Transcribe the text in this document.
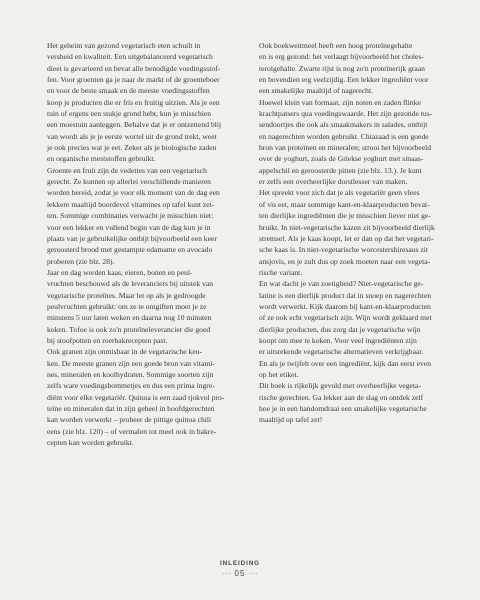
Het geheim van gezond vegetarisch eten schuilt in
versheid en kwaliteit. Een uitgebalanceerd vegetarisch
dieet is gevarieerd en bevat alle benodigde voedingsstof-
fen. Voor groenten ga je naar de markt of de groenteboer
en voor de beste smaak en de meeste voedingsstoffen
koop je producten die er fris en fruitig uitzien. Als je een
tuin of ergens een stukje grond hebt, kun je misschien
een moestuin aanleggen. Behalve dat je er ontzettend blij
van wordt als je je eerste wortel uit de grond trekt, weet
je ook precies wat je eet. Zeker als je biologische zaden
en organische meststoffen gebruikt.

Groente en fruit zijn de vedettes van een vegetarisch
gerecht. Ze kunnen op allerlei verschillende manieren
worden bereid, zodat je voor elk moment van de dag een
lekkere maaltijd boordevol vitamines op tafel kunt zet-
ten. Sommige combinaties verwacht je misschien niet:
voor een lekker en vullend begin van de dag kun je in
plaats van je gebruikelijke ontbijt bijvoorbeeld een keer
geroosterd brood met gestampte edamame en avocado
proberen (zie blz. 28).

Jaar en dag werden kaas, eieren, bonen en peul-
vruchten beschouwd als de leveranciers bij uitstek van
vegetarische proteïnes. Maar let op als je gedroogde
peulvruchten gebruikt: om ze te ontgiften moet je ze
minstens 5 uur laten weken en daarna nog 10 minuten
koken. Tofoe is ook zo'n proteïneleverancier die goed
bij stoofpotten en roerbakrecepten past.

Ook granen zijn onmisbaar in de vegetarische keu-
ken. De meeste granen zijn een goede bron van vitami-
nes, mineralen en koolhydraten. Sommige soorten zijn
zelfs ware voedingsbommetjes en dus een prima ingre-
diënt voor elke vegetariër. Quinoa is een zaad tjokvol pro-
teïne en mineralen dat in zijn geheel in hoofdgerechten
kan worden verwerkt – probeer de pittige quinoa chili
eens (zie blz. 120) – of vermalen tot meel ook in bakre-
cepten kan worden gebruikt.

Ook boekweitmeel heeft een hoog proteïnegehalte
en is erg gezond: het verlaagt bijvoorbeeld het choles-
terolgehalte. Zwarte rijst is nog zo'n proteïnerijk graan
en bovendien erg veelzijdig. Een lekker ingrediënt voor
een smakelijke maaltijd of nagerecht.

Hoewel klein van formaat, zijn noten en zaden flinke
krachtpatsers qua voedingswaarde. Het zijn gezonde tus-
sendoortjes die ook als smaakmakers in salades, ontbijt
en nagerechten worden gebruikt. Chiazaad is een goede
bron van proteïnen en mineralen; strooi het bijvoorbeeld
over de yoghurt, zoals de Griekse yoghurt met sinaas-
appelschil en geroosterde pitten (zie blz. 13.). Je kunt
er zelfs een overheerlijke dorstlesser van maken.

Het spreekt voor zich dat je als vegetariër geen vlees
of vis eet, maar sommige kant-en-klaarproducten bevat-
ten dierlijke ingrediënten die je misschien liever niet ge-
bruikt. In niet-vegetarische kazen zit bijvoorbeeld dierlijk
stremsel. Als je kaas koopt, let er dan op dat het vegetari-
sche kaas is. In niet-vegetarische worcestershiresaus zit
ansjovis, en je zult dus op zoek moeten naar een vegeta-
rische variant.

En wat dacht je van zoetigheid? Niet-vegetarische ge-
latine is een dierlijk product dat in snoep en nagerechten
wordt verwerkt. Kijk daarom bij kant-en-klaarproducten
of ze ook echt vegetarisch zijn. Wijn wordt geklaard met
dierlijke producten, dus zorg dat je vegetarische wijn
koopt om mee te koken. Voor veel ingrediënten zijn
er uitstekende vegetarische alternatieven verkrijgbaar.
En als je twijfelt over een ingrediënt, kijk dan eerst even
op het etiket.

Dit boek is rijkelijk gevuld met overheerlijke vegeta-
rische gerechten. Ga lekker aan de slag en ontdek zelf
hoe je in een handomdraai een smakelijke vegetarische
maaltijd op tafel zet!

INLEIDING
··· 05 ···
